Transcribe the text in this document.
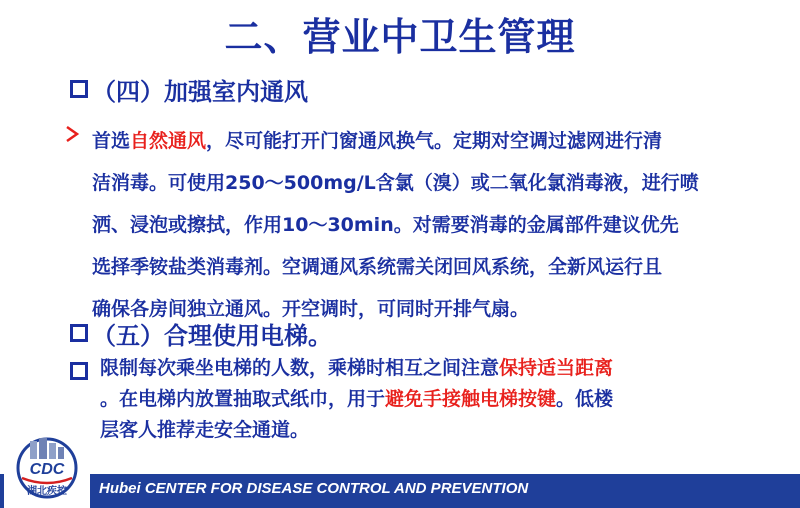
二、营业中卫生管理
（四）加强室内通风
首选自然通风，尽可能打开门窗通风换气。定期对空调过滤网进行清
洁消毒。可使用250～500mg/L含氯（溴）或二氧化氯消毒液，进行喷
洒、浸泡或擦拭，作用10～30min。对需要消毒的金属部件建议优先
选择季铵盐类消毒剂。空调通风系统需关闭回风系统，全新风运行且
确保各房间独立通风。开空调时，可同时开排气扇。
（五）合理使用电梯。
限制每次乘坐电梯的人数，乘梯时相互之间注意保持适当距离
。在电梯内放置抽取式纸巾，用于避免手接触电梯按键。低楼
层客人推荐走安全通道。
Hubei CENTER FOR DISEASE CONTROL AND PREVENTION
CDC
湖北疾控
